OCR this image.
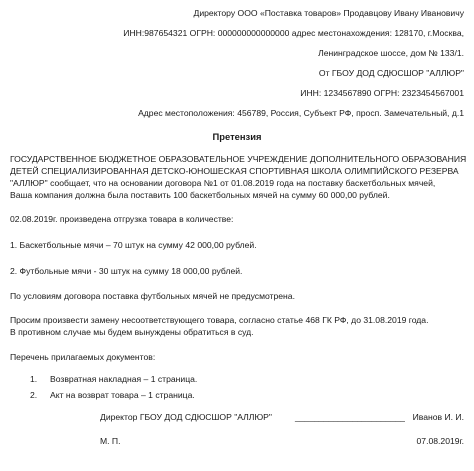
Директору ООО «Поставка товаров» Продавцову Ивану Ивановичу
ИНН:987654321 ОГРН: 000000000000000 адрес местонахождения: 128170, г.Москва,
Ленинградское шоссе, дом № 133/1.
От ГБОУ ДОД СДЮСШОР "АЛЛЮР"
ИНН: 1234567890 ОГРН: 2323454567001
Адрес местоположения: 456789, Россия, Субъект РФ, просп. Замечательный, д.1
Претензия
ГОСУДАРСТВЕННОЕ БЮДЖЕТНОЕ ОБРАЗОВАТЕЛЬНОЕ УЧРЕЖДЕНИЕ ДОПОЛНИТЕЛЬНОГО ОБРАЗОВАНИЯ
ДЕТЕЙ СПЕЦИАЛИЗИРОВАННАЯ ДЕТСКО-ЮНОШЕСКАЯ СПОРТИВНАЯ ШКОЛА ОЛИМПИЙСКОГО РЕЗЕРВА
"АЛЛЮР" сообщает, что на основании договора №1 от 01.08.2019 года на поставку баскетбольных мячей,
Ваша компания должна была поставить 100 баскетбольных мячей на сумму 60 000,00 рублей.
02.08.2019г. произведена отгрузка товара в количестве:
1. Баскетбольные мячи – 70 штук на сумму 42 000,00 рублей.
2. Футбольные мячи - 30 штук на сумму 18 000,00 рублей.
По условиям договора поставка футбольных мячей не предусмотрена.
Просим произвести замену несоответствующего товара, согласно статье 468 ГК РФ, до 31.08.2019 года.
В противном случае мы будем вынуждены обратиться в суд.
Перечень прилагаемых документов:
1. Возвратная накладная – 1 страница.
2. Акт на возврат товара – 1 страница.
Директор ГБОУ ДОД СДЮСШОР "АЛЛЮР"	_______________________ Иванов И. И.
М. П.	07.08.2019г.
